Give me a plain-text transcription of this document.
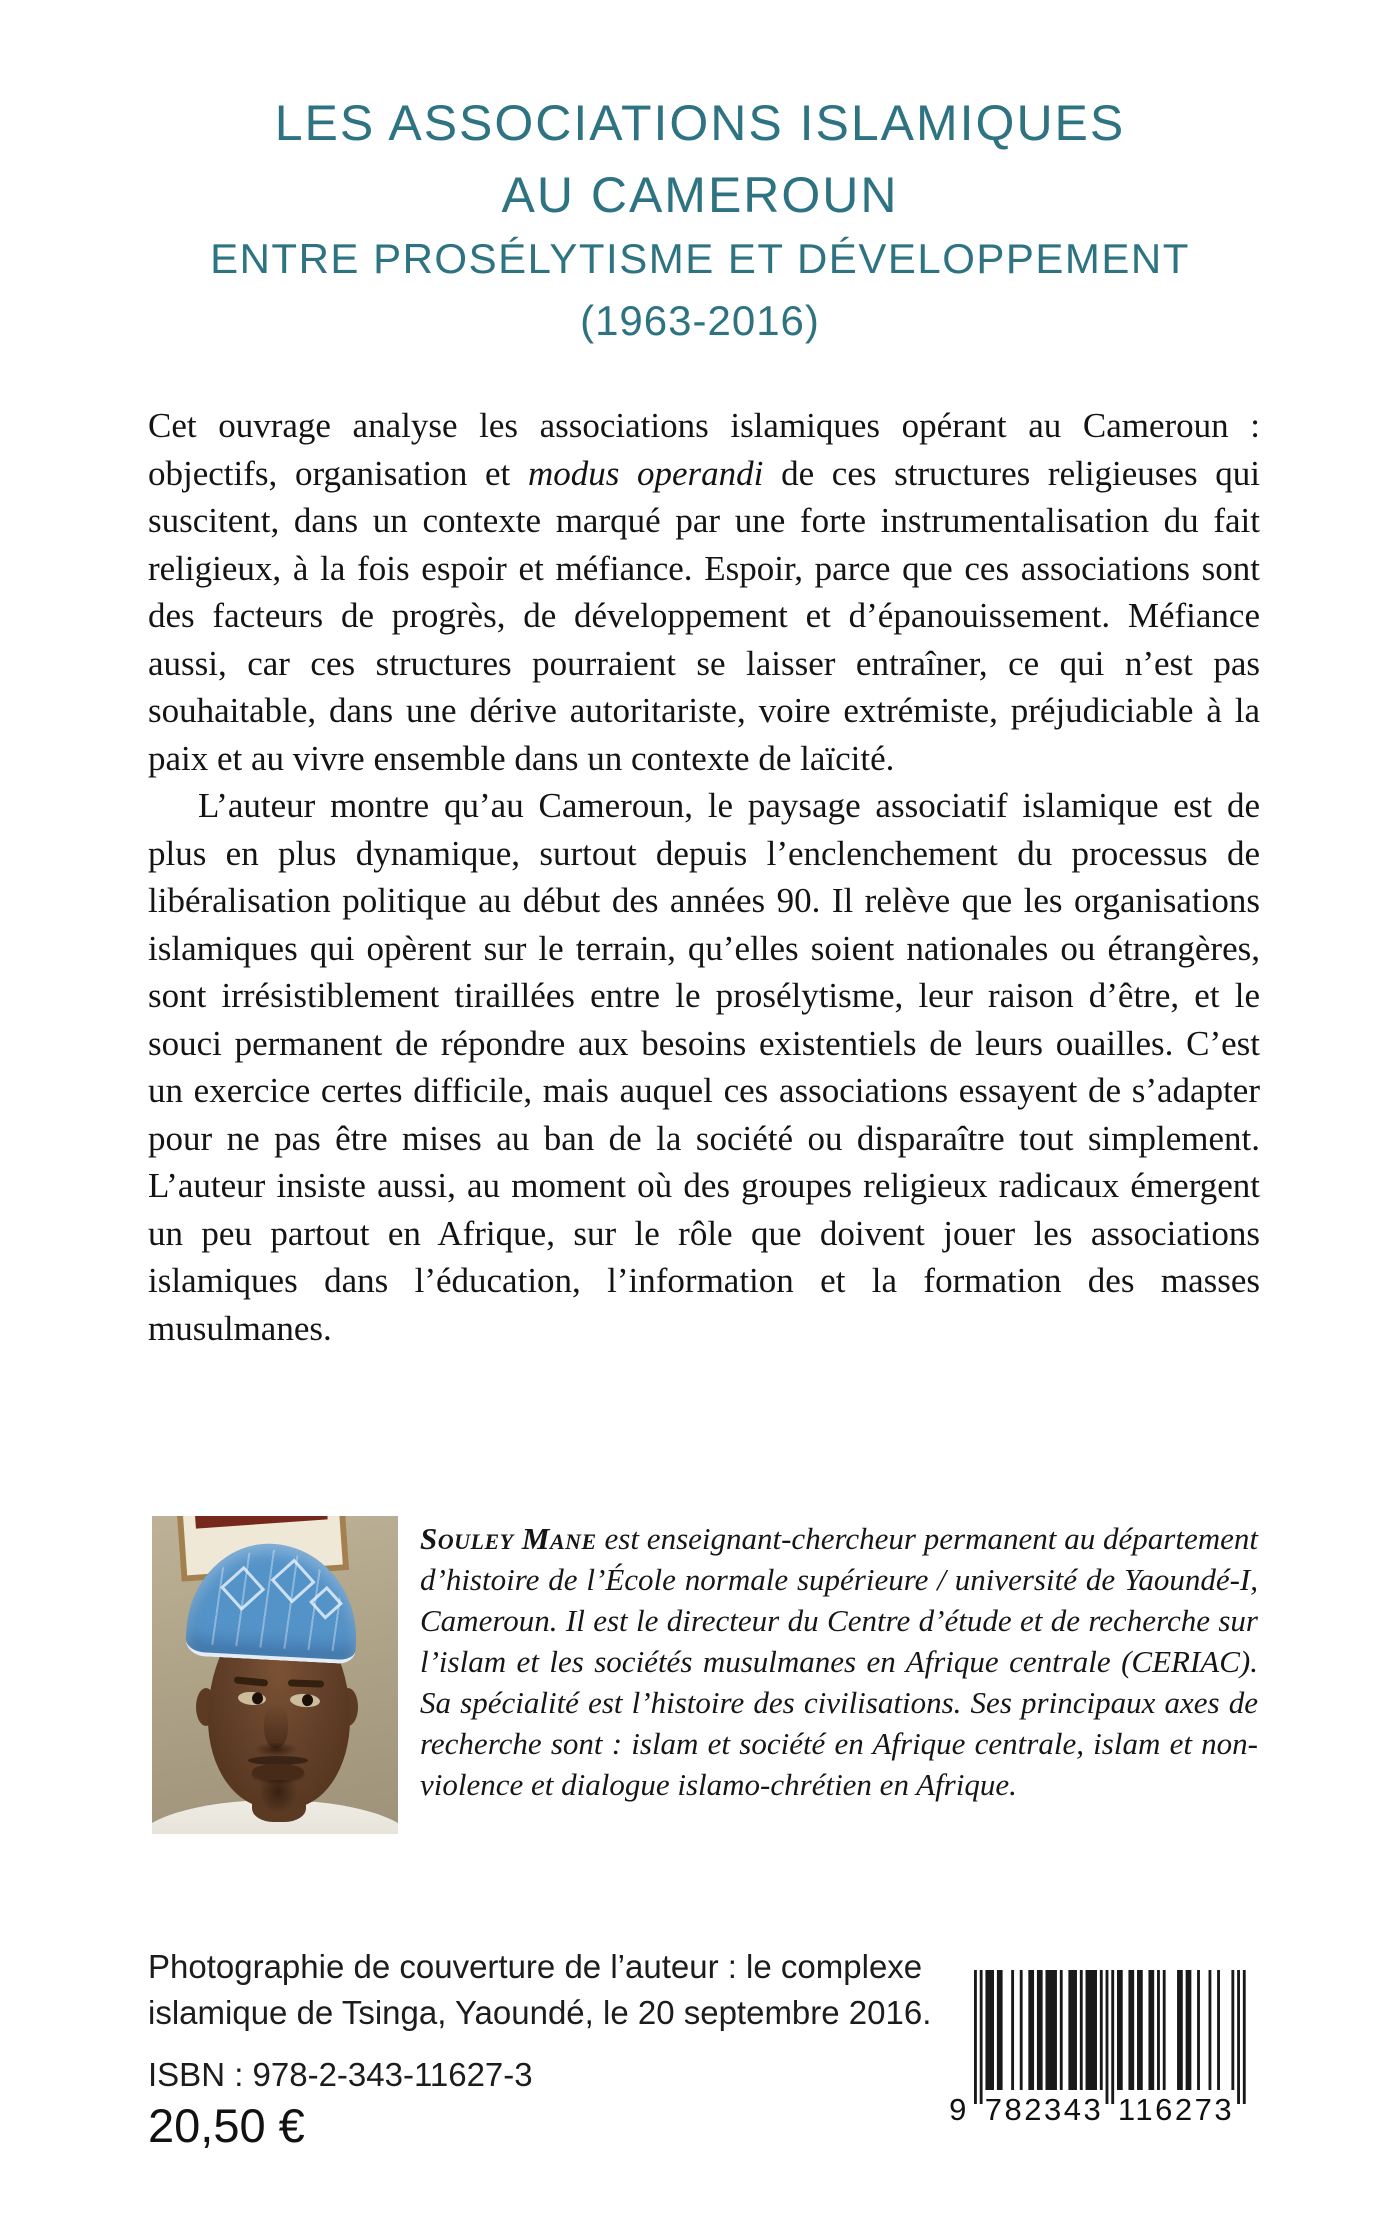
LES ASSOCIATIONS ISLAMIQUES
AU CAMEROUN
ENTRE PROSÉLYTISME ET DÉVELOPPEMENT
(1963-2016)

Cet ouvrage analyse les associations islamiques opérant au Cameroun : objectifs, organisation et modus operandi de ces structures religieuses qui suscitent, dans un contexte marqué par une forte instrumentalisation du fait religieux, à la fois espoir et méfiance. Espoir, parce que ces associations sont des facteurs de progrès, de développement et d’épanouissement. Méfiance aussi, car ces structures pourraient se laisser entraîner, ce qui n’est pas souhaitable, dans une dérive autoritariste, voire extrémiste, préjudiciable à la paix et au vivre ensemble dans un contexte de laïcité.

L’auteur montre qu’au Cameroun, le paysage associatif islamique est de plus en plus dynamique, surtout depuis l’enclenchement du processus de libéralisation politique au début des années 90. Il relève que les organisations islamiques qui opèrent sur le terrain, qu’elles soient nationales ou étrangères, sont irrésistiblement tiraillées entre le prosélytisme, leur raison d’être, et le souci permanent de répondre aux besoins existentiels de leurs ouailles. C’est un exercice certes difficile, mais auquel ces associations essayent de s’adapter pour ne pas être mises au ban de la société ou disparaître tout simplement. L’auteur insiste aussi, au moment où des groupes religieux radicaux émergent un peu partout en Afrique, sur le rôle que doivent jouer les associations islamiques dans l’éducation, l’information et la formation des masses musulmanes.

Souley Mane est enseignant-chercheur permanent au département d’histoire de l’École normale supérieure / université de Yaoundé-I, Cameroun. Il est le directeur du Centre d’étude et de recherche sur l’islam et les sociétés musulmanes en Afrique centrale (CERIAC). Sa spécialité est l’histoire des civilisations. Ses principaux axes de recherche sont : islam et société en Afrique centrale, islam et non-violence et dialogue islamo-chrétien en Afrique.

Photographie de couverture de l’auteur : le complexe
islamique de Tsinga, Yaoundé, le 20 septembre 2016.

ISBN : 978-2-343-11627-3

20,50 €	9 782343 116273
